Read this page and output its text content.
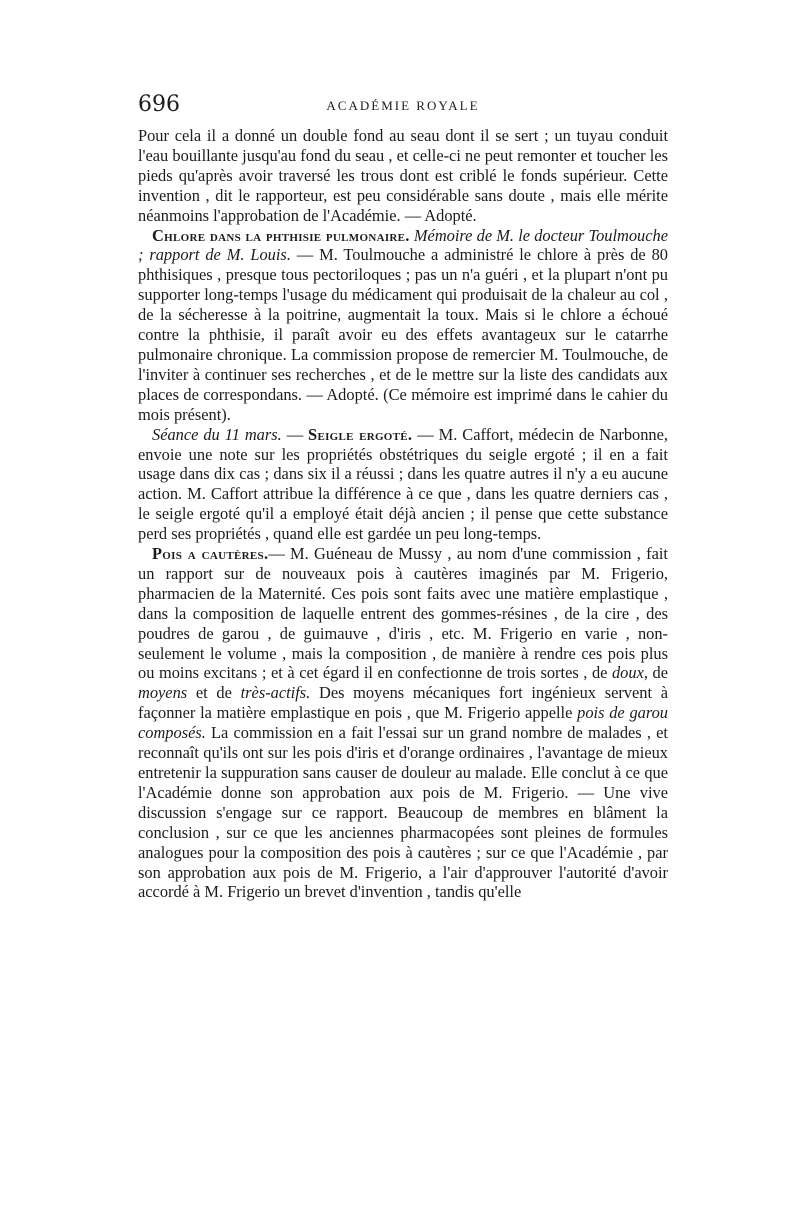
696	ACADÉMIE ROYALE

Pour cela il a donné un double fond au seau dont il se sert ; un tuyau conduit l'eau bouillante jusqu'au fond du seau , et celle-ci ne peut remonter et toucher les pieds qu'après avoir traversé les trous dont est criblé le fonds supérieur. Cette invention , dit le rapporteur, est peu considérable sans doute , mais elle mérite néanmoins l'approbation de l'Académie. — Adopté.

Chlore dans la phthisie pulmonaire. Mémoire de M. le docteur Toulmouche ; rapport de M. Louis. — M. Toulmouche a administré le chlore à près de 80 phthisiques , presque tous pectoriloques ; pas un n'a guéri , et la plupart n'ont pu supporter long-temps l'usage du médicament qui produisait de la chaleur au col , de la sécheresse à la poitrine, augmentait la toux. Mais si le chlore a échoué contre la phthisie, il paraît avoir eu des effets avantageux sur le catarrhe pulmonaire chronique. La commission propose de remercier M. Toulmouche, de l'inviter à continuer ses recherches , et de le mettre sur la liste des candidats aux places de correspondans. — Adopté. (Ce mémoire est imprimé dans le cahier du mois présent).

Séance du 11 mars. — Seigle ergoté. — M. Caffort, médecin de Narbonne, envoie une note sur les propriétés obstétriques du seigle ergoté ; il en a fait usage dans dix cas ; dans six il a réussi ; dans les quatre autres il n'y a eu aucune action. M. Caffort attribue la différence à ce que , dans les quatre derniers cas , le seigle ergoté qu'il a employé était déjà ancien ; il pense que cette substance perd ses propriétés , quand elle est gardée un peu long-temps.

Pois a cautères.— M. Guéneau de Mussy , au nom d'une commission , fait un rapport sur de nouveaux pois à cautères imaginés par M. Frigerio, pharmacien de la Maternité. Ces pois sont faits avec une matière emplastique , dans la composition de laquelle entrent des gommes-résines , de la cire , des poudres de garou , de guimauve , d'iris , etc. M. Frigerio en varie , non-seulement le volume , mais la composition , de manière à rendre ces pois plus ou moins excitans ; et à cet égard il en confectionne de trois sortes , de doux, de moyens et de très-actifs. Des moyens mécaniques fort ingénieux servent à façonner la matière emplastique en pois , que M. Frigerio appelle pois de garou composés. La commission en a fait l'essai sur un grand nombre de malades , et reconnaît qu'ils ont sur les pois d'iris et d'orange ordinaires , l'avantage de mieux entretenir la suppuration sans causer de douleur au malade. Elle conclut à ce que l'Académie donne son approbation aux pois de M. Frigerio. — Une vive discussion s'engage sur ce rapport. Beaucoup de membres en blâment la conclusion , sur ce que les anciennes pharmacopées sont pleines de formules analogues pour la composition des pois à cautères ; sur ce que l'Académie , par son approbation aux pois de M. Frigerio, a l'air d'approuver l'autorité d'avoir accordé à M. Frigerio un brevet d'invention , tandis qu'elle
